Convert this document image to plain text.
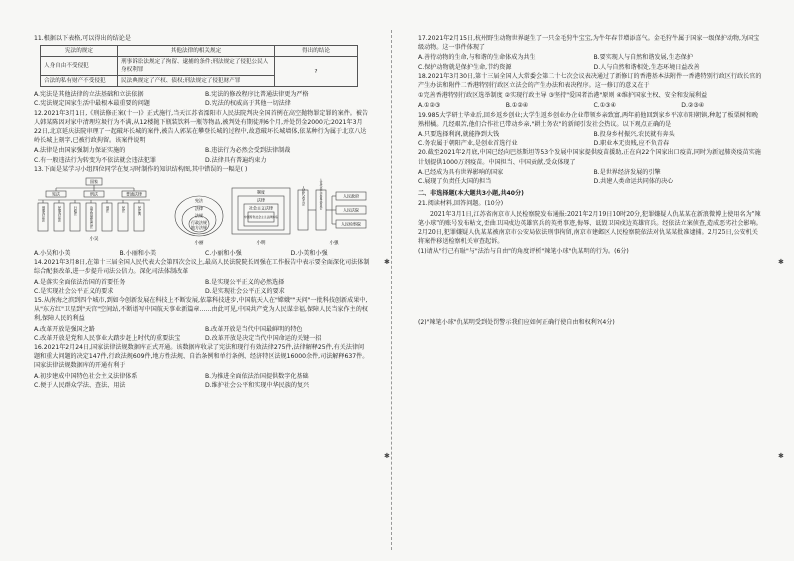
11.根据以下表格,可以得出的结论是

宪法的规定	其他法律的相关规定	得出的结论
人身自由不受侵犯	刑事诉讼法规定了拘留、逮捕的条件;刑法规定了侵犯公民人身权利罪	?
合法的私有财产不受侵犯	民法典规定了产权、债权;刑法规定了侵犯财产罪	
A.宪法是其他法律的立法基础和立法依据	B.宪法的修改程序比普通法律更为严格
C.宪法规定国家生活中最根本最重要的问题	D.宪法的权威高于其他一切法律

12.2021年3月1日,《刑法修正案(十一)》正式施行,当天江苏省溧阳市人民法院判决全国首例在高空抛物罪定罪的案件。被告人韩某陈因对家中清理垃圾行为不满,从12楼抛下瓶装饮料一瓶等物品,被判处有期徒刑6个月,并处罚金2000元;2021年3月22日,北京延庆法院审理了一起破坏长城的案件,被告人郭某在攀登长城的过程中,故意破坏长城墙体,依某种行为属于北京八达岭长城上刻字,已被行政拘留。该案件说明

A.法律是由国家强制力保证实施的	B.违法行为必然会受到法律制裁
C.有一般违法行为转变为不依法就会违法犯罪	D.法律具有普遍约束力

13.下面是某学习小组四位同学在复习时制作的知识结构图,其中错误的一幅是( )

国家
宪法	刑法	普通法律
刑事诉讼法	民事诉讼法	行政法	治安管理处罚法	刑法	民法	民法典
小吴
宪法
法律
法规
行政法规
地方法规
小丽
制度
法律
社会主义法律
中国特色社会主义法律体系
小明
人民代表大会	人民代表大会常务委员会	人民政府
人民法院
人民检察院
小强
A.小吴和小美	B.小丽和小美	C.小丽和小强	D.小美和小强

14.2021年3月8日,在第十三届全国人民代表大会第四次会议上,最高人民法院院长周强在工作报告中表示要全面深化司法体制综合配套改革,进一步提升司法公信力。深化司法体制改革

A.是落实全面依法治国的首要任务	B.是实现公平正义的必然选择
C.是实现社会公平正义的要求	D.是实现社会公平正义的要求

15.从南海之滨到四个城市,到如今创新发展在科技上不断发展,依靠科技进步,中国航天人在"嫦娥""天问"一批科技创新成果中,从"东方红"卫星到"天宫"空间站,不断谱写中国航天事业新篇章……由此可见,中国共产党为人民谋幸福,保障人民当家作主的权利,保障人民的利益

A.改革开放是强国之路	B.改革开放是当代中国最鲜明的特色
C.改革开放是党和人民事业大踏步赶上时代的重要法宝	D.改革开放是决定当代中国命运的关键一招

16.2021年2月24日,国家法律法规数据库正式开通。该数据库收录了宪法和现行有效法律275件,法律解释25件,有关法律问题和重大问题的决定147件,行政法规609件,地方性法规、自治条例和单行条例、经济特区法规16000余件,司法解释637件。国家法律法规数据库的开通有利于

A.初步建成中国特色社会主义法律体系	B.为推进全面依法治国提供数字化基础
C.便于人民群众学法、查法、用法	D.维护社会公平和实现中华民族的复兴
✱
✱
✱
✱

17.2021年2月15日,杭州野生动物世界诞生了一只金毛狩牛宝宝,为牛年春节增添喜气。金毛狩牛属于国家一级保护动物,为国宝级动物。这一事件体现了

A.善待动物的生命,与和谐的生命体成为共生	B.要实现人与自然和谐发展,生态保护
C.保护动物就是保护生命,节约资源	D.人与自然和谐相处,生态环境日益改善

18.2021年3月30日,第十三届全国人大常委会第二十七次会议表决通过了新修订的香港基本法附件一香港特别行政区行政长官的产生办法和附件二香港特别行政区立法会的产生办法和表决程序。这一修订的意义在于

①完善香港特别行政区选举制度 ②实现行政主导 ③坚持"爱国者治港"原则 ④维护国家主权、安全和发展利益

A.①②③	B.①②④	C.①③④	D.②③④

19.985大学研士毕业后,回乡返乡创业;大学生返乡创业办企业带领乡亲致富,两年前他回到家乡平凉市阳朝镇,种起了板栗树和晚熟柑橘。几经艰苦,他们合作社已带动乡亲,"耕土务农"的新闻引发社会热议。以下观点正确的是

A.只要选择利润,就能挣到大钱	B.投身乡村振兴,农民就有奔头
C.务农属于朝阳产业,是创业首选行业	D.职业本无贵贱,应不负青春

20.截至2021年2月底,中国已经向巴基斯坦等53个发展中国家提供疫苗援助,正在向22个国家出口疫苗,同时为新冠肺炎疫苗实施计划提供1000万剂疫苗。中国担当、中国贡献,受众体现了

A.已经成为具有世界影响的国家	B.是世界经济发展的引擎
C.展现了负责任大国的担当	D.共建人类命运共同体的决心

二、非选择题(本大题共3小题,共40分)

21.阅读材料,回答问题。(10分)

2021年3月1日,江苏省南京市人民检察院发布通报:2021年2月19日10时20分,犯罪嫌疑人仇某某在新浪微博上使用名为"辣笔小球"的账号发布帖文,歪曲卫国戍边英雄官兵的英勇事迹,侮辱、诋毁卫国戍边英雄官兵。经依法立案侦查,造成恶劣社会影响。2月20日,犯罪嫌疑人仇某某被南京市公安局依法刑事拘留,南京市建邺区人民检察院依法对仇某某批准逮捕。2月25日,公安机关将案件移送检察机关审查起诉。

(1)请从"行己有耻"与"法治与自由"的角度评析"辣笔小球"仇某明的行为。(6分)

(2)"辣笔小球"仇某明受到处罚警示我们应如何正确行使自由和权利?(4分)
